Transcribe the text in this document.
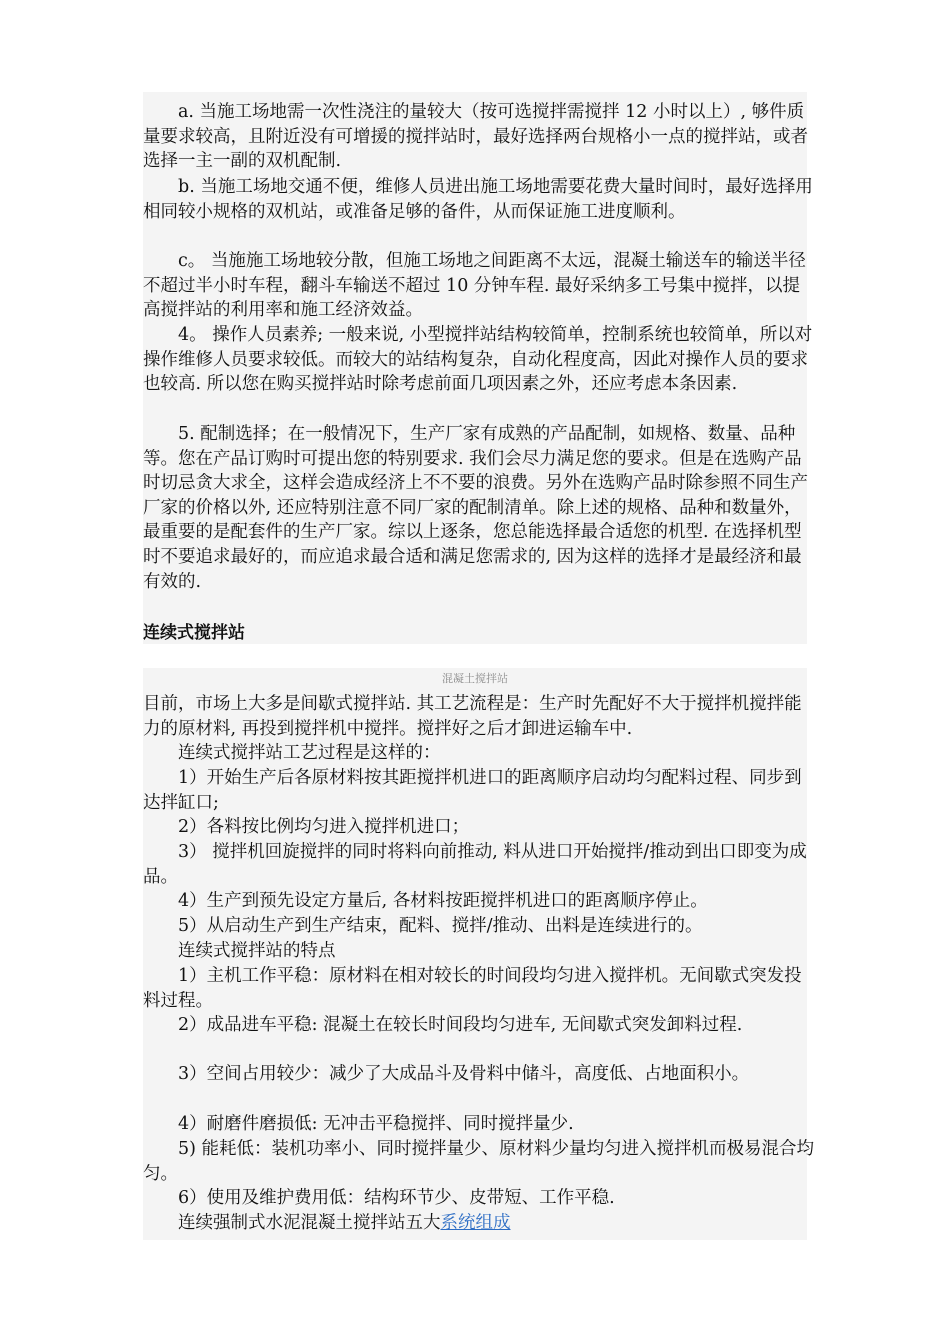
a. 当施工场地需一次性浇注的量较大（按可选搅拌需搅拌 12 小时以上）, 够件质量要求较高，且附近没有可增援的搅拌站时，最好选择两台规格小一点的搅拌站，或者选择一主一副的双机配制.

b. 当施工场地交通不便，维修人员进出施工场地需要花费大量时间时，最好选择用相同较小规格的双机站，或准备足够的备件，从而保证施工进度顺利。

c。 当施施工场地较分散，但施工场地之间距离不太远，混凝土输送车的输送半径不超过半小时车程，翻斗车输送不超过 10 分钟车程. 最好采纳多工号集中搅拌，以提高搅拌站的利用率和施工经济效益。

4。 操作人员素养; 一般来说, 小型搅拌站结构较简单，控制系统也较简单，所以对操作维修人员要求较低。而较大的站结构复杂，自动化程度高，因此对操作人员的要求也较高. 所以您在购买搅拌站时除考虑前面几项因素之外，还应考虑本条因素.

5. 配制选择；在一般情况下，生产厂家有成熟的产品配制，如规格、数量、品种等。您在产品订购时可提出您的特别要求. 我们会尽力满足您的要求。但是在选购产品时切忌贪大求全，这样会造成经济上不不要的浪费。另外在选购产品时除参照不同生产厂家的价格以外, 还应特别注意不同厂家的配制清单。除上述的规格、品种和数量外，最重要的是配套件的生产厂家。综以上逐条，您总能选择最合适您的机型. 在选择机型时不要追求最好的，而应追求最合适和满足您需求的, 因为这样的选择才是最经济和最有效的.

连续式搅拌站

混凝土搅拌站

目前，市场上大多是间歇式搅拌站. 其工艺流程是：生产时先配好不大于搅拌机搅拌能力的原材料, 再投到搅拌机中搅拌。搅拌好之后才卸进运输车中.

连续式搅拌站工艺过程是这样的：

1）开始生产后各原材料按其距搅拌机进口的距离顺序启动均匀配料过程、同步到达拌缸口;

2）各料按比例均匀进入搅拌机进口；

3） 搅拌机回旋搅拌的同时将料向前推动, 料从进口开始搅拌/推动到出口即变为成品。

4）生产到预先设定方量后, 各材料按距搅拌机进口的距离顺序停止。

5）从启动生产到生产结束，配料、搅拌/推动、出料是连续进行的。

连续式搅拌站的特点

1）主机工作平稳：原材料在相对较长的时间段均匀进入搅拌机。无间歇式突发投料过程。

2）成品进车平稳: 混凝土在较长时间段均匀进车, 无间歇式突发卸料过程.

3）空间占用较少：减少了大成品斗及骨料中储斗，高度低、占地面积小。

4）耐磨件磨损低: 无冲击平稳搅拌、同时搅拌量少.

5) 能耗低：装机功率小、同时搅拌量少、原材料少量均匀进入搅拌机而极易混合均匀。

6）使用及维护费用低：结构环节少、皮带短、工作平稳.

连续强制式水泥混凝土搅拌站五大系统组成
